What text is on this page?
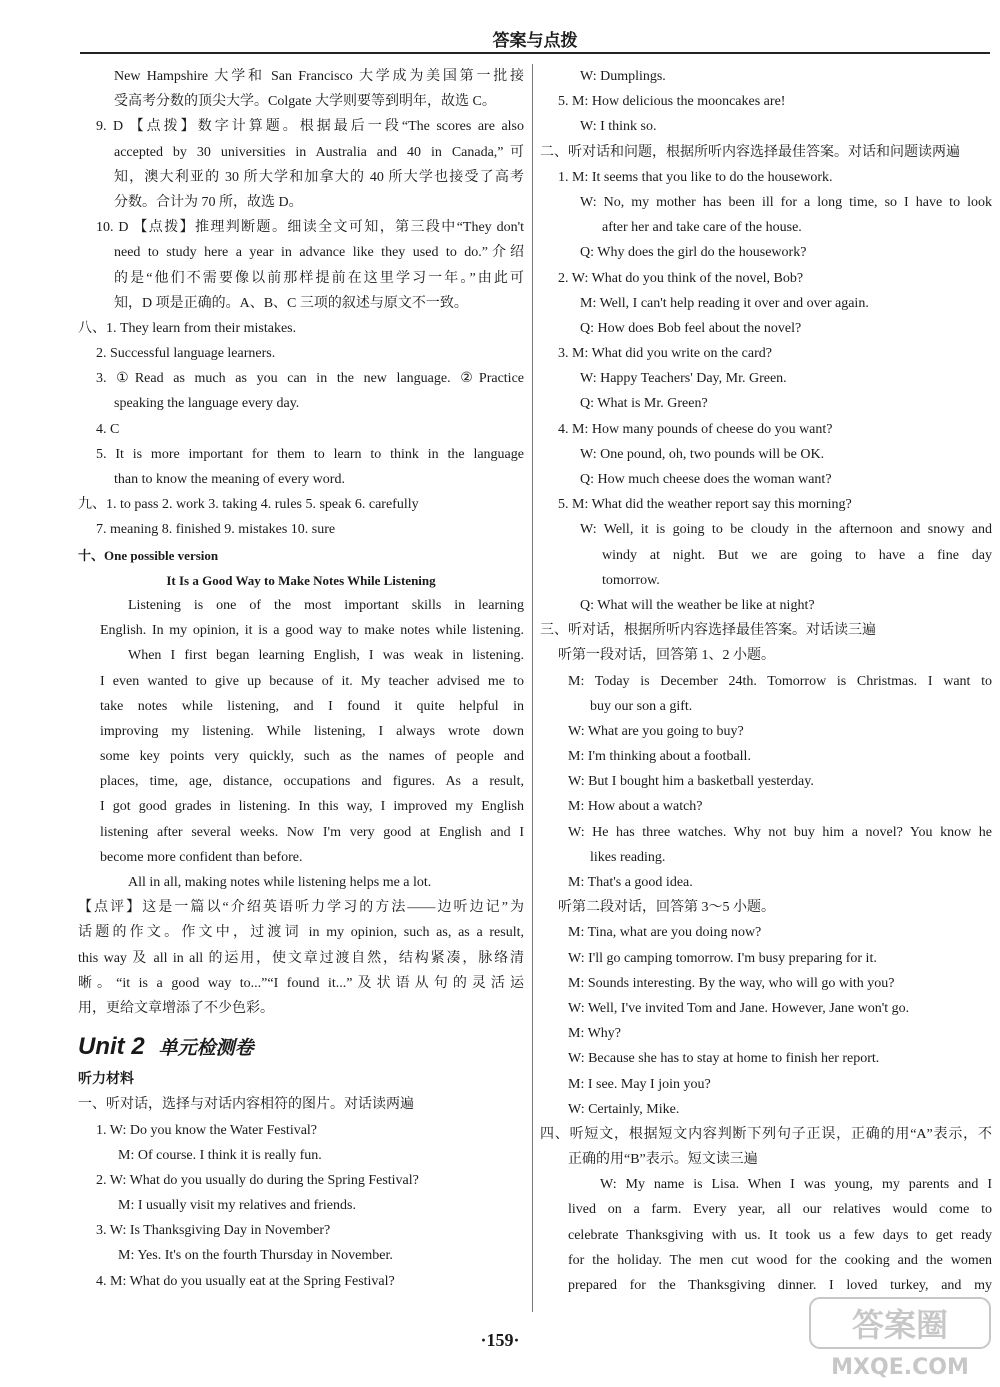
答案与点拨
New Hampshire 大学和 San Francisco 大学成为美国第一批接
受高考分数的顶尖大学。Colgate 大学则要等到明年，故选 C。
9. D 【点拨】数字计算题。根据最后一段“The scores are also
accepted by 30 universities in Australia and 40 in Canada,”可
知，澳大利亚的 30 所大学和加拿大的 40 所大学也接受了高考
分数。合计为 70 所，故选 D。
10. D 【点拨】推理判断题。细读全文可知，第三段中“They don't
need to study here a year in advance like they used to do.”介绍
的是“他们不需要像以前那样提前在这里学习一年。”由此可
知，D 项是正确的。A、B、C 三项的叙述与原文不一致。
八、1. They learn from their mistakes.
2. Successful language learners.
3. ①Read as much as you can in the new language. ②Practice
speaking the language every day.
4. C
5. It is more important for them to learn to think in the language
than to know the meaning of every word.
九、1. to pass 2. work 3. taking 4. rules 5. speak 6. carefully
7. meaning 8. finished 9. mistakes 10. sure
十、One possible version
It Is a Good Way to Make Notes While Listening
Listening is one of the most important skills in learning
English. In my opinion, it is a good way to make notes while listening.
When I first began learning English, I was weak in listening.
I even wanted to give up because of it. My teacher advised me to
take notes while listening, and I found it quite helpful in
improving my listening. While listening, I always wrote down
some key points very quickly, such as the names of people and
places, time, age, distance, occupations and figures. As a result,
I got good grades in listening. In this way, I improved my English
listening after several weeks. Now I'm very good at English and I
become more confident than before.
All in all, making notes while listening helps me a lot.
【点评】这是一篇以“介绍英语听力学习的方法——边听边记”为
话题的作文。作文中，过渡词 in my opinion, such as, as a result,
this way 及 all in all 的运用，使文章过渡自然，结构紧凑，脉络清
晰。“it is a good way to...”“I found it...”及状语从句的灵活运
用，更给文章增添了不少色彩。
Unit 2 单元检测卷
听力材料
一、听对话，选择与对话内容相符的图片。对话读两遍
1. W: Do you know the Water Festival?
M: Of course. I think it is really fun.
2. W: What do you usually do during the Spring Festival?
M: I usually visit my relatives and friends.
3. W: Is Thanksgiving Day in November?
M: Yes. It's on the fourth Thursday in November.
4. M: What do you usually eat at the Spring Festival?
W: Dumplings.
5. M: How delicious the mooncakes are!
W: I think so.
二、听对话和问题，根据所听内容选择最佳答案。对话和问题读两遍
1. M: It seems that you like to do the housework.
W: No, my mother has been ill for a long time, so I have to look
after her and take care of the house.
Q: Why does the girl do the housework?
2. W: What do you think of the novel, Bob?
M: Well, I can't help reading it over and over again.
Q: How does Bob feel about the novel?
3. M: What did you write on the card?
W: Happy Teachers' Day, Mr. Green.
Q: What is Mr. Green?
4. M: How many pounds of cheese do you want?
W: One pound, oh, two pounds will be OK.
Q: How much cheese does the woman want?
5. M: What did the weather report say this morning?
W: Well, it is going to be cloudy in the afternoon and snowy and
windy at night. But we are going to have a fine day
tomorrow.
Q: What will the weather be like at night?
三、听对话，根据所听内容选择最佳答案。对话读三遍
听第一段对话，回答第 1、2 小题。
M: Today is December 24th. Tomorrow is Christmas. I want to
buy our son a gift.
W: What are you going to buy?
M: I'm thinking about a football.
W: But I bought him a basketball yesterday.
M: How about a watch?
W: He has three watches. Why not buy him a novel? You know he
likes reading.
M: That's a good idea.
听第二段对话，回答第 3～5 小题。
M: Tina, what are you doing now?
W: I'll go camping tomorrow. I'm busy preparing for it.
M: Sounds interesting. By the way, who will go with you?
W: Well, I've invited Tom and Jane. However, Jane won't go.
M: Why?
W: Because she has to stay at home to finish her report.
M: I see. May I join you?
W: Certainly, Mike.
四、听短文，根据短文内容判断下列句子正误，正确的用“A”表示，不
正确的用“B”表示。短文读三遍
W: My name is Lisa. When I was young, my parents and I
lived on a farm. Every year, all our relatives would come to
celebrate Thanksgiving with us. It took us a few days to get ready
for the holiday. The men cut wood for the cooking and the women
prepared for the Thanksgiving dinner. I loved turkey, and my
·159·	答案圈
MXQE.COM
